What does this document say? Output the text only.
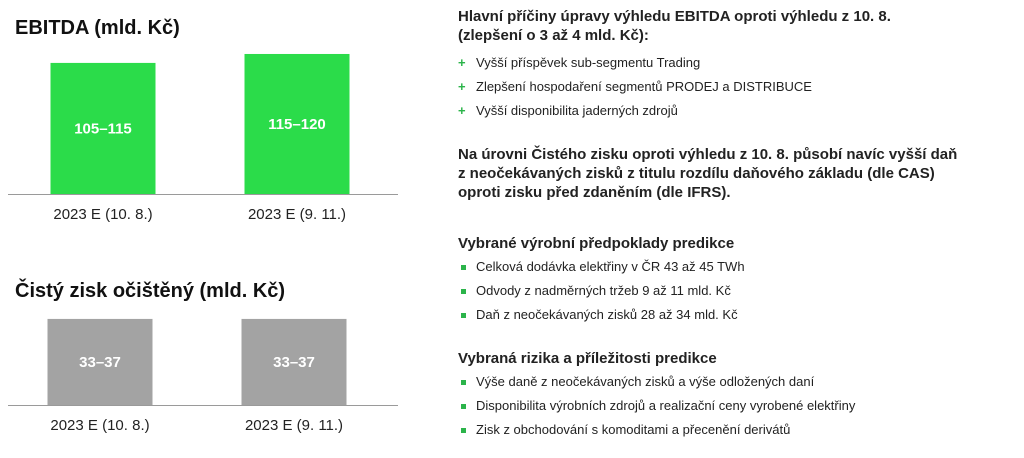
EBITDA (mld. Kč)
105–115
2023 E (10. 8.)
115–120
2023 E (9. 11.)
Čistý zisk očištěný (mld. Kč)
33–37
2023 E (10. 8.)
33–37
2023 E (9. 11.)
Hlavní příčiny úpravy výhledu EBITDA oproti výhledu z 10. 8.
(zlepšení o 3 až 4 mld. Kč):
+ Vyšší příspěvek sub-segmentu Trading
+ Zlepšení hospodaření segmentů PRODEJ a DISTRIBUCE
+ Vyšší disponibilita jaderných zdrojů
Na úrovni Čistého zisku oproti výhledu z 10. 8. působí navíc vyšší daň
z neočekávaných zisků z titulu rozdílu daňového základu (dle CAS)
oproti zisku před zdaněním (dle IFRS).
Vybrané výrobní předpoklady predikce
Celková dodávka elektřiny v ČR 43 až 45 TWh
Odvody z nadměrných tržeb 9 až 11 mld. Kč
Daň z neočekávaných zisků 28 až 34 mld. Kč
Vybraná rizika a příležitosti predikce
Výše daně z neočekávaných zisků a výše odložených daní
Disponibilita výrobních zdrojů a realizační ceny vyrobené elektřiny
Zisk z obchodování s komoditami a přecenění derivátů
